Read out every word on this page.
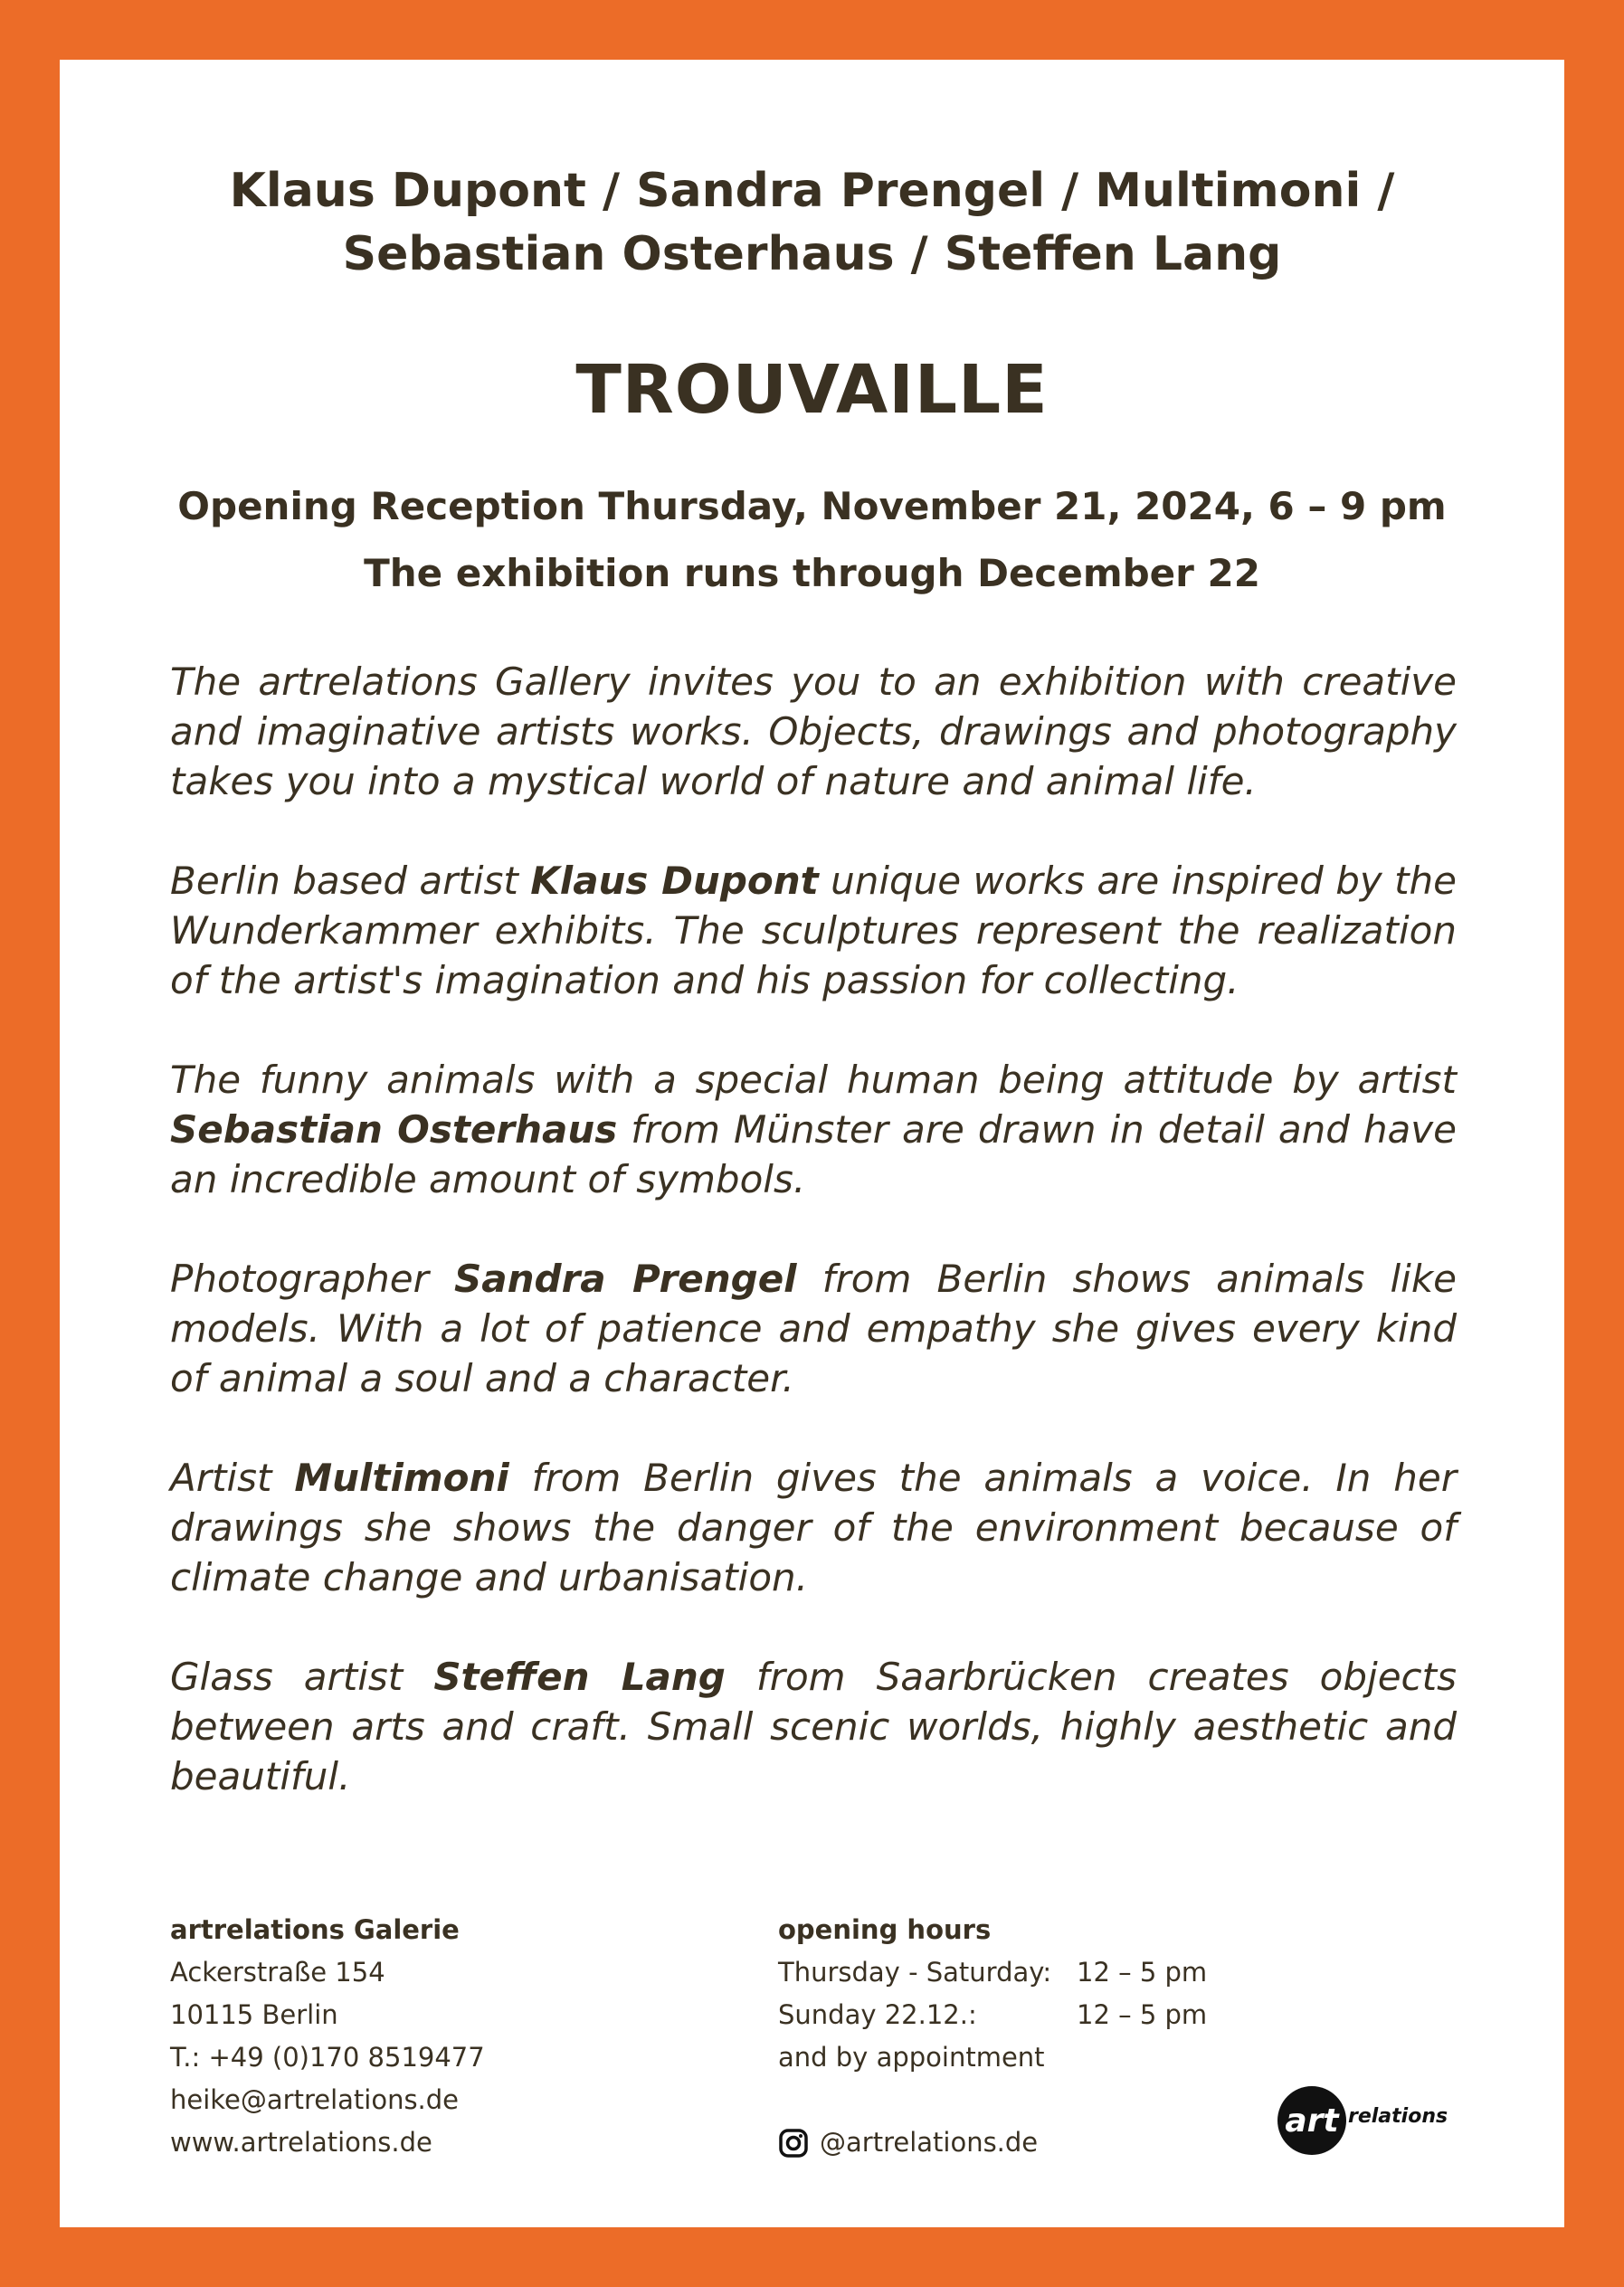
Klaus Dupont / Sandra Prengel / Multimoni /
Sebastian Osterhaus / Steffen Lang
TROUVAILLE

Opening Reception Thursday, November 21, 2024, 6 – 9 pm

The exhibition runs through December 22

The artrelations Gallery invites you to an exhibition with creative and imaginative artists works. Objects, drawings and photography takes you into a mystical world of nature and animal life.

Berlin based artist Klaus Dupont unique works are inspired by the Wunderkammer exhibits. The sculptures represent the realization of the artist's imagination and his passion for collecting.

The funny animals with a special human being attitude by artist Sebastian Osterhaus from Münster are drawn in detail and have an incredible amount of symbols.

Photographer Sandra Prengel from Berlin shows animals like models. With a lot of patience and empathy she gives every kind of animal a soul and a character.

Artist Multimoni from Berlin gives the animals a voice. In her drawings she shows the danger of the environment because of climate change and urbanisation.

Glass artist Steffen Lang from Saarbrücken creates objects between arts and craft. Small scenic worlds, highly aesthetic and beautiful.

artrelations Galerie
Ackerstraße 154
10115 Berlin
T.: +49 (0)170 8519477
heike@artrelations.de
www.artrelations.de
opening hours
Thursday - Saturday: 12 – 5 pm
Sunday 22.12.:	12 – 5 pm
and by appointment
@artrelations.de
art relations
